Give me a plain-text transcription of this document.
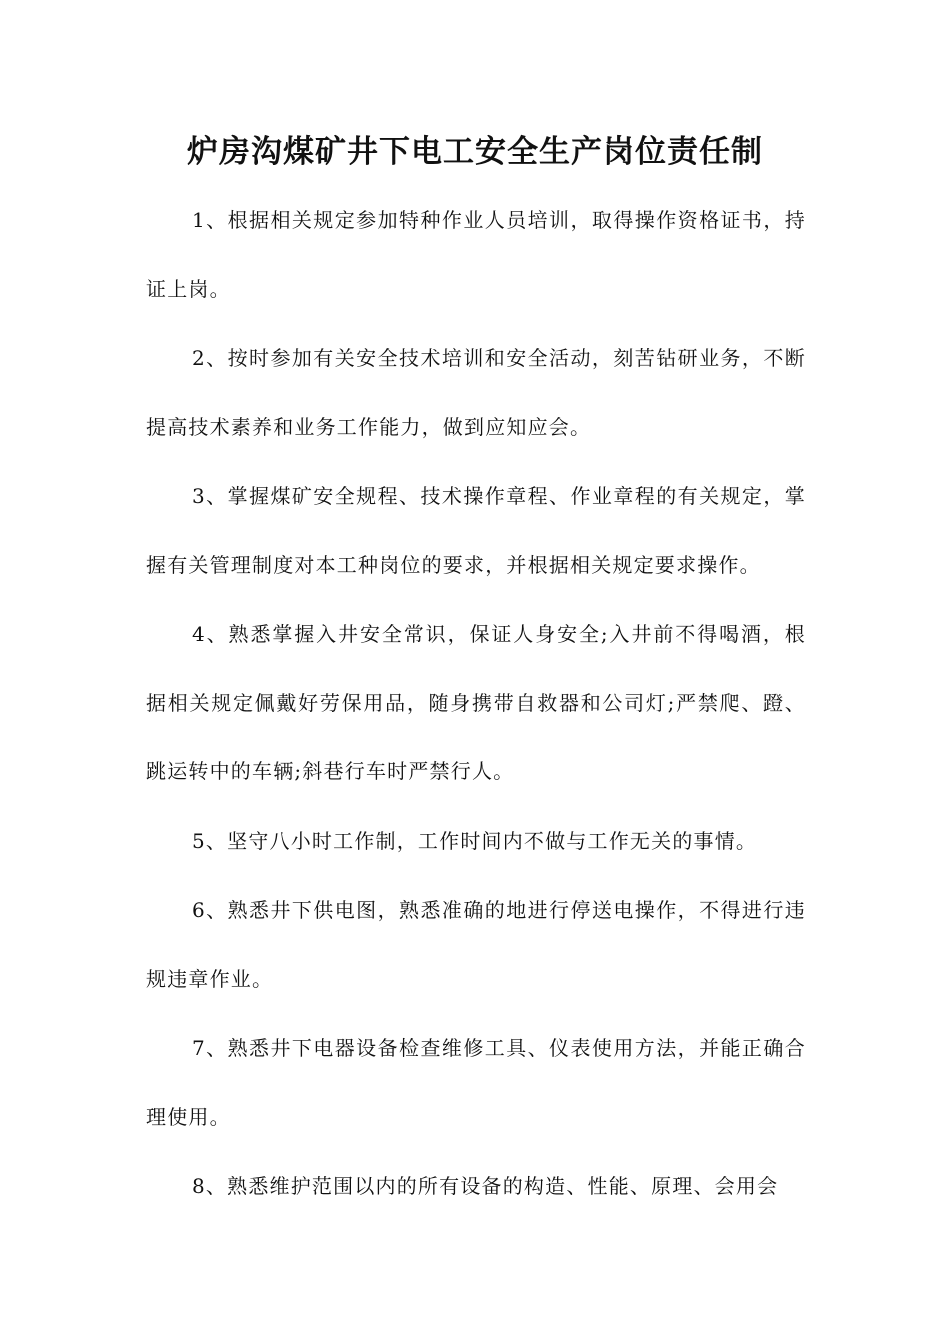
炉房沟煤矿井下电工安全生产岗位责任制

1、根据相关规定参加特种作业人员培训，取得操作资格证书，持证上岗。

2、按时参加有关安全技术培训和安全活动，刻苦钻研业务，不断提高技术素养和业务工作能力，做到应知应会。

3、掌握煤矿安全规程、技术操作章程、作业章程的有关规定，掌握有关管理制度对本工种岗位的要求，并根据相关规定要求操作。

4、熟悉掌握入井安全常识，保证人身安全;入井前不得喝酒，根据相关规定佩戴好劳保用品，随身携带自救器和公司灯;严禁爬、蹬、跳运转中的车辆;斜巷行车时严禁行人。

5、坚守八小时工作制，工作时间内不做与工作无关的事情。

6、熟悉井下供电图，熟悉准确的地进行停送电操作，不得进行违规违章作业。

7、熟悉井下电器设备检查维修工具、仪表使用方法，并能正确合理使用。

8、熟悉维护范围以内的所有设备的构造、性能、原理、会用会
